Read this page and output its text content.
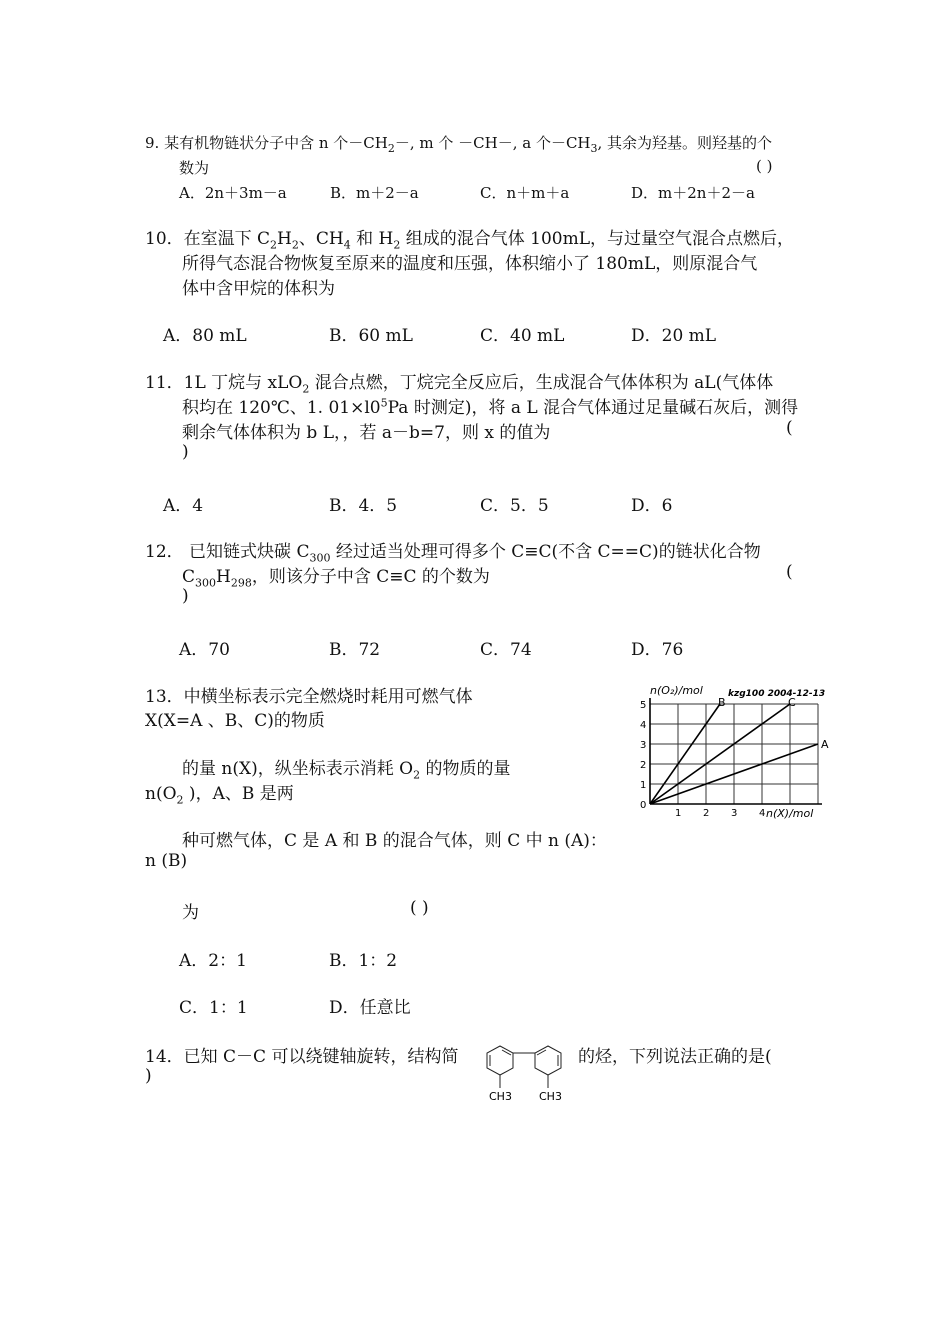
9. 某有机物链状分子中含 n 个$-CH_2-$, m 个 －CH－, a 个$-CH_3$, 其余为羟基。则羟基的个
数为	( )
A．2n＋3m－a	B．m＋2－a	C．n＋m＋a	D．m＋2n＋2－a
10．在室温下 $C_2H_2$、$CH_4$ 和 $H_2$ 组成的混合气体 100mL，与过量空气混合点燃后，
所得气态混合物恢复至原来的温度和压强，体积缩小了 180mL，则原混合气
体中含甲烷的体积为
A．80 mL	B．60 mL	C．40 mL	D．20 mL
11．1L 丁烷与 xLO$_2$ 混合点燃，丁烷完全反应后，生成混合气体体积为 aL(气体体
积均在 120℃、1. $01\times l0^5Pa$ 时测定)，将 a L 混合气体通过足量碱石灰后，测得
剩余气体体积为 b L，，若 a－b=7，则 x 的值为	(
)
A．4	B．4．5	C．5．5	D．6
12． 已知链式炔碳 $C_{300}$ 经过适当处理可得多个 C≡C(不含 C==C)的链状化合物
$C_{300}H_{298}$，则该分子中含 C≡C 的个数为	(
)
A．70	B．72	C．74	D．76
13．中横坐标表示完全燃烧时耗用可燃气体
X(X=A 、B、C)的物质
的量 n(X)，纵坐标表示消耗 $O_2$ 的物质的量
$n(O_2$ )，A、B 是两
种可燃气体，C 是 A 和 B 的混合气体，则 C 中 n (A)：
n (B)
为	( )
A．2：1	B．1：2
C．1：1	D．任意比
B	C
A
1 2 3 4
0
1
2
3
4
5
n(O₂)/mol	kzg100 2004-12-13
n(X)/mol
14．已知 C－C 可以绕键轴旋转，结构简	的烃，下列说法正确的是(
)
CH3 CH3
